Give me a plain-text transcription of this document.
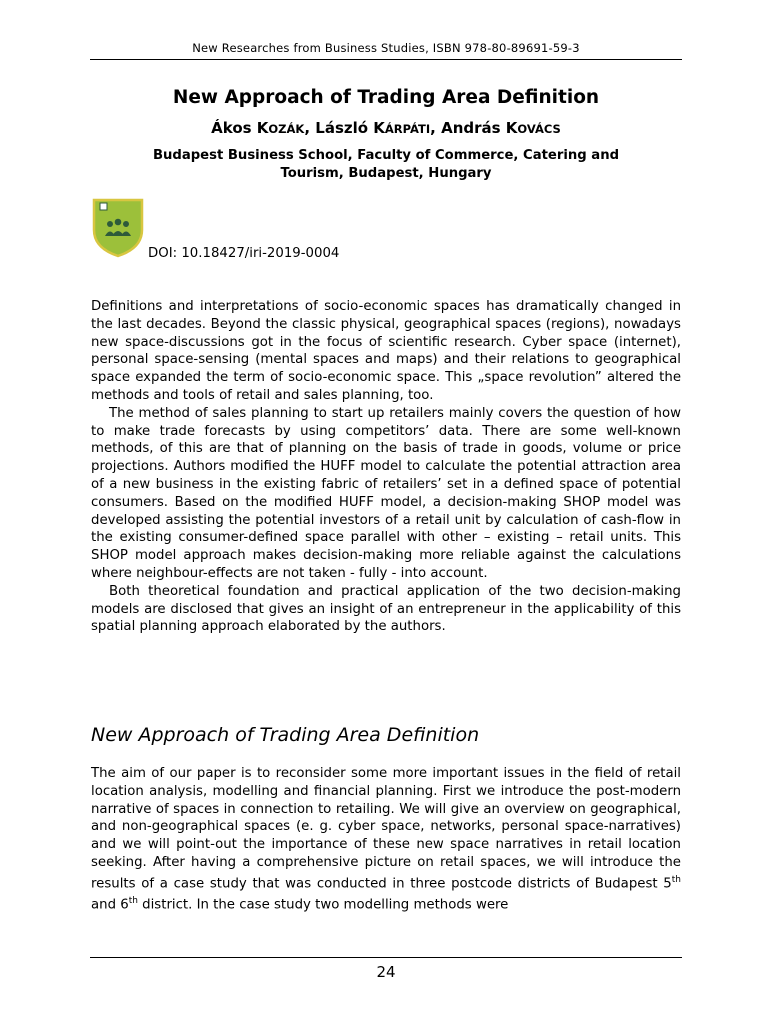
New Researches from Business Studies, ISBN 978-80-89691-59-3
New Approach of Trading Area Definition
Ákos KOZÁK, László KÁRPÁTI, András KOVÁCS
Budapest Business School, Faculty of Commerce, Catering and
Tourism, Budapest, Hungary
DOI: 10.18427/iri-2019-0004

Definitions and interpretations of socio-economic spaces has dramatically changed in the last decades. Beyond the classic physical, geographical spaces (regions), nowadays new space-discussions got in the focus of scientific research. Cyber space (internet), personal space-sensing (mental spaces and maps) and their relations to geographical space expanded the term of socio-economic space. This „space revolution” altered the methods and tools of retail and sales planning, too.

The method of sales planning to start up retailers mainly covers the question of how to make trade forecasts by using competitors’ data. There are some well-known methods, of this are that of planning on the basis of trade in goods, volume or price projections. Authors modified the HUFF model to calculate the potential attraction area of a new business in the existing fabric of retailers’ set in a defined space of potential consumers. Based on the modified HUFF model, a decision-making SHOP model was developed assisting the potential investors of a retail unit by calculation of cash-flow in the existing consumer-defined space parallel with other – existing – retail units. This SHOP model approach makes decision-making more reliable against the calculations where neighbour-effects are not taken - fully - into account.

Both theoretical foundation and practical application of the two decision-making models are disclosed that gives an insight of an entrepreneur in the applicability of this spatial planning approach elaborated by the authors.

New Approach of Trading Area Definition

The aim of our paper is to reconsider some more important issues in the field of retail location analysis, modelling and financial planning. First we introduce the post-modern narrative of spaces in connection to retailing. We will give an overview on geographical, and non-geographical spaces (e. g. cyber space, networks, personal space-narratives) and we will point-out the importance of these new space narratives in retail location seeking. After having a comprehensive picture on retail spaces, we will introduce the results of a case study that was conducted in three postcode districts of Budapest 5th and 6th district. In the case study two modelling methods were

24
